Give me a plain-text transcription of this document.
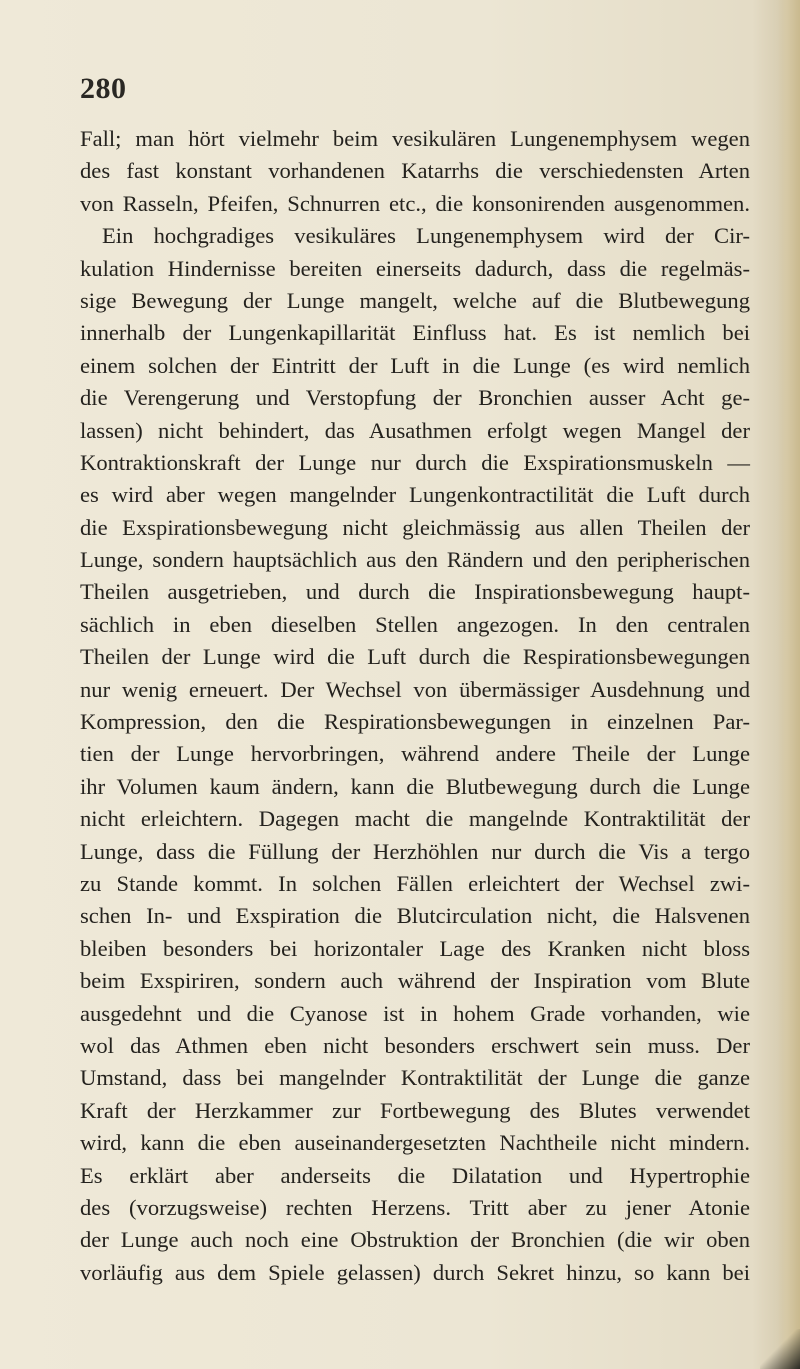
280
Fall; man hört vielmehr beim vesikulären Lungenemphysem wegen
des fast konstant vorhandenen Katarrhs die verschiedensten Arten
von Rasseln, Pfeifen, Schnurren etc., die konsonirenden ausgenommen.
Ein hochgradiges vesikuläres Lungenemphysem wird der Cir-
kulation Hindernisse bereiten einerseits dadurch, dass die regelmäs-
sige Bewegung der Lunge mangelt, welche auf die Blutbewegung
innerhalb der Lungenkapillarität Einfluss hat. Es ist nemlich bei
einem solchen der Eintritt der Luft in die Lunge (es wird nemlich
die Verengerung und Verstopfung der Bronchien ausser Acht ge-
lassen) nicht behindert, das Ausathmen erfolgt wegen Mangel der
Kontraktionskraft der Lunge nur durch die Exspirationsmuskeln —
es wird aber wegen mangelnder Lungenkontractilität die Luft durch
die Exspirationsbewegung nicht gleichmässig aus allen Theilen der
Lunge, sondern hauptsächlich aus den Rändern und den peripherischen
Theilen ausgetrieben, und durch die Inspirationsbewegung haupt-
sächlich in eben dieselben Stellen angezogen. In den centralen
Theilen der Lunge wird die Luft durch die Respirationsbewegungen
nur wenig erneuert. Der Wechsel von übermässiger Ausdehnung und
Kompression, den die Respirationsbewegungen in einzelnen Par-
tien der Lunge hervorbringen, während andere Theile der Lunge
ihr Volumen kaum ändern, kann die Blutbewegung durch die Lunge
nicht erleichtern. Dagegen macht die mangelnde Kontraktilität der
Lunge, dass die Füllung der Herzhöhlen nur durch die Vis a tergo
zu Stande kommt. In solchen Fällen erleichtert der Wechsel zwi-
schen In- und Exspiration die Blutcirculation nicht, die Halsvenen
bleiben besonders bei horizontaler Lage des Kranken nicht bloss
beim Exspiriren, sondern auch während der Inspiration vom Blute
ausgedehnt und die Cyanose ist in hohem Grade vorhanden, wie
wol das Athmen eben nicht besonders erschwert sein muss. Der
Umstand, dass bei mangelnder Kontraktilität der Lunge die ganze
Kraft der Herzkammer zur Fortbewegung des Blutes verwendet
wird, kann die eben auseinandergesetzten Nachtheile nicht mindern.
Es erklärt aber anderseits die Dilatation und Hypertrophie
des (vorzugsweise) rechten Herzens. Tritt aber zu jener Atonie
der Lunge auch noch eine Obstruktion der Bronchien (die wir oben
vorläufig aus dem Spiele gelassen) durch Sekret hinzu, so kann bei
